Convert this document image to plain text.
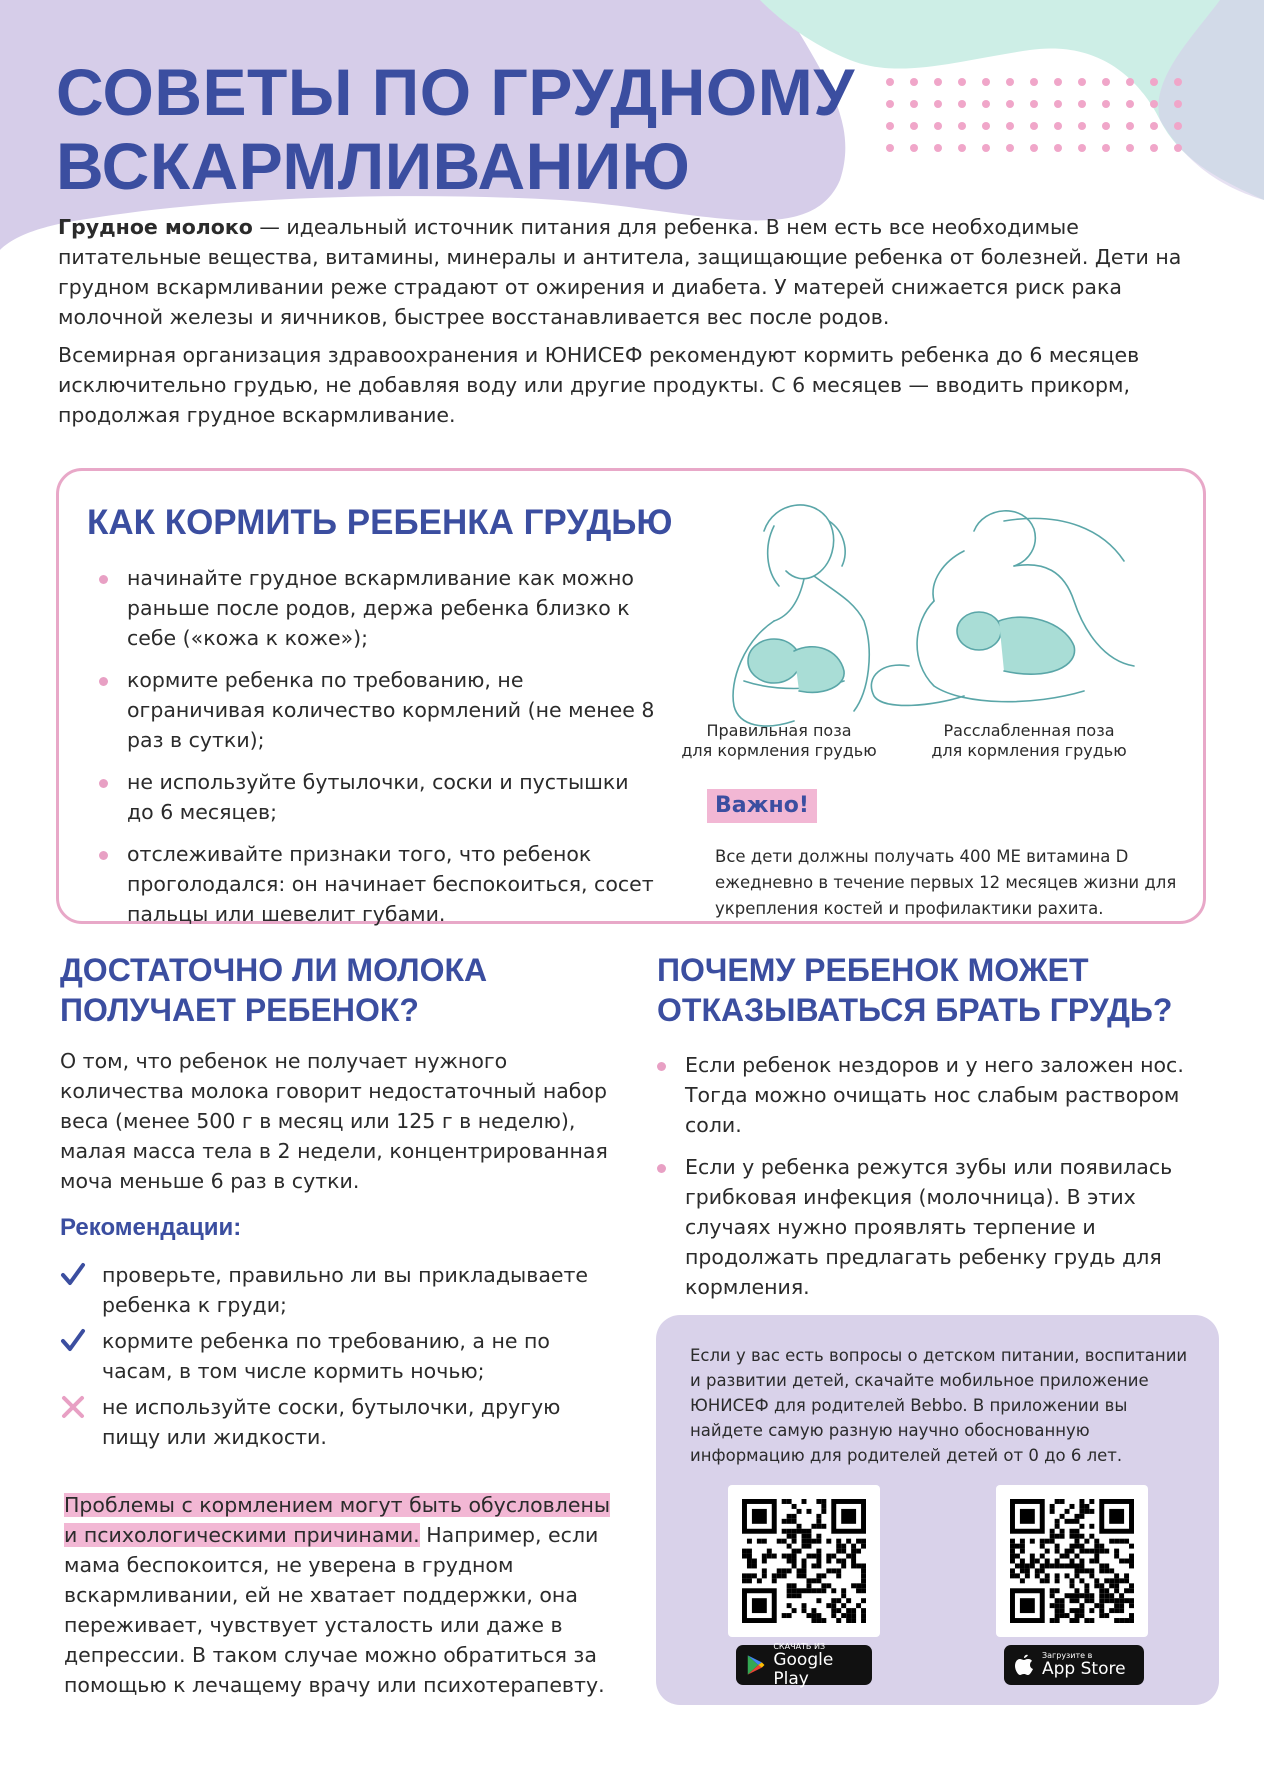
СОВЕТЫ ПО ГРУДНОМУ
ВСКАРМЛИВАНИЮ

Грудное молоко — идеальный источник питания для ребенка. В нем есть все необходимые питательные вещества, витамины, минералы и антитела, защищающие ребенка от болезней. Дети на грудном вскармливании реже страдают от ожирения и диабета. У матерей снижается риск рака молочной железы и яичников, быстрее восстанавливается вес после родов.

Всемирная организация здравоохранения и ЮНИСЕФ рекомендуют кормить ребенка до 6 месяцев исключительно грудью, не добавляя воду или другие продукты. С 6 месяцев — вводить прикорм, продолжая грудное вскармливание.

КАК КОРМИТЬ РЕБЕНКА ГРУДЬЮ
начинайте грудное вскармливание как можно раньше после родов, держа ребенка близко к себе («кожа к коже»);
кормите ребенка по требованию, не ограничивая количество кормлений (не менее 8 раз в сутки);
не используйте бутылочки, соски и пустышки до 6 месяцев;
отслеживайте признаки того, что ребенок проголодался: он начинает беспокоиться, сосет пальцы или шевелит губами.
Правильная поза
для кормления грудью
Расслабленная поза
для кормления грудью
Важно!

Все дети должны получать 400 МЕ витамина D ежедневно в течение первых 12 месяцев жизни для укрепления костей и профилактики рахита.

ДОСТАТОЧНО ЛИ МОЛОКА
ПОЛУЧАЕТ РЕБЕНОК?

О том, что ребенок не получает нужного количества молока говорит недостаточный набор веса (менее 500 г в месяц или 125 г в неделю), малая масса тела в 2 недели, концентрированная моча меньше 6 раз в сутки.

Рекомендации:
проверьте, правильно ли вы прикладываете ребенка к груди;
кормите ребенка по требованию, а не по часам, в том числе кормить ночью;
не используйте соски, бутылочки, другую пищу или жидкости.

Проблемы с кормлением могут быть обусловлены и психологическими причинами. Например, если мама беспокоится, не уверена в грудном вскармливании, ей не хватает поддержки, она переживает, чувствует усталость или даже в депрессии. В таком случае можно обратиться за помощью к лечащему врачу или психотерапевту.

ПОЧЕМУ РЕБЕНОК МОЖЕТ
ОТКАЗЫВАТЬСЯ БРАТЬ ГРУДЬ?
Если ребенок нездоров и у него заложен нос. Тогда можно очищать нос слабым раствором соли.
Если у ребенка режутся зубы или появилась грибковая инфекция (молочница). В этих случаях нужно проявлять терпение и продолжать предлагать ребенку грудь для кормления.

Если у вас есть вопросы о детском питании, воспитании и развитии детей, скачайте мобильное приложение ЮНИСЕФ для родителей Bebbo. В приложении вы найдете самую разную научно обоснованную информацию для родителей детей от 0 до 6 лет.

СКАЧАТЬ ИЗ
Google Play
Загрузите в
App Store
